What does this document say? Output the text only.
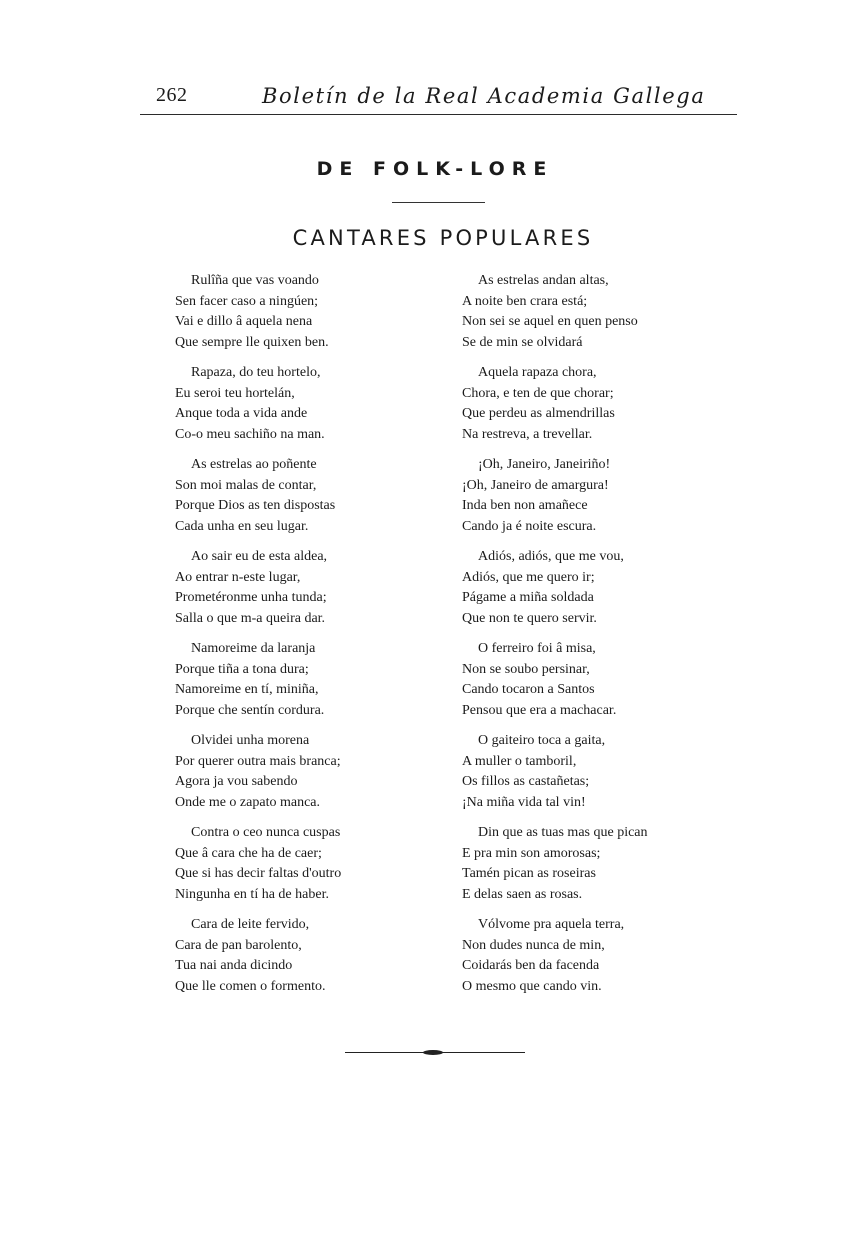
262	Boletín de la Real Academia Gallega
DE FOLK-LORE
CANTARES POPULARES
Rulîña que vas voando
Sen facer caso a ningúen;
Vai e dillo â aquela nena
Que sempre lle quixen ben.
Rapaza, do teu hortelo,
Eu seroi teu hortelán,
Anque toda a vida ande
Co-o meu sachiño na man.
As estrelas ao poñente
Son moi malas de contar,
Porque Dios as ten dispostas
Cada unha en seu lugar.
Ao sair eu de esta aldea,
Ao entrar n-este lugar,
Prometéronme unha tunda;
Salla o que m-a queira dar.
Namoreime da laranja
Porque tiña a tona dura;
Namoreime en tí, miniña,
Porque che sentín cordura.
Olvidei unha morena
Por querer outra mais branca;
Agora ja vou sabendo
Onde me o zapato manca.
Contra o ceo nunca cuspas
Que â cara che ha de caer;
Que si has decir faltas d'outro
Ningunha en tí ha de haber.
Cara de leite fervido,
Cara de pan barolento,
Tua nai anda dicindo
Que lle comen o formento.
As estrelas andan altas,
A noite ben crara está;
Non sei se aquel en quen penso
Se de min se olvidará
Aquela rapaza chora,
Chora, e ten de que chorar;
Que perdeu as almendrillas
Na restreva, a trevellar.
¡Oh, Janeiro, Janeiriño!
¡Oh, Janeiro de amargura!
Inda ben non amañece
Cando ja é noite escura.
Adiós, adiós, que me vou,
Adiós, que me quero ir;
Págame a miña soldada
Que non te quero servir.
O ferreiro foi â misa,
Non se soubo persinar,
Cando tocaron a Santos
Pensou que era a machacar.
O gaiteiro toca a gaita,
A muller o tamboril,
Os fillos as castañetas;
¡Na miña vida tal vin!
Din que as tuas mas que pican
E pra min son amorosas;
Tamén pican as roseiras
E delas saen as rosas.
Vólvome pra aquela terra,
Non dudes nunca de min,
Coidarás ben da facenda
O mesmo que cando vin.
